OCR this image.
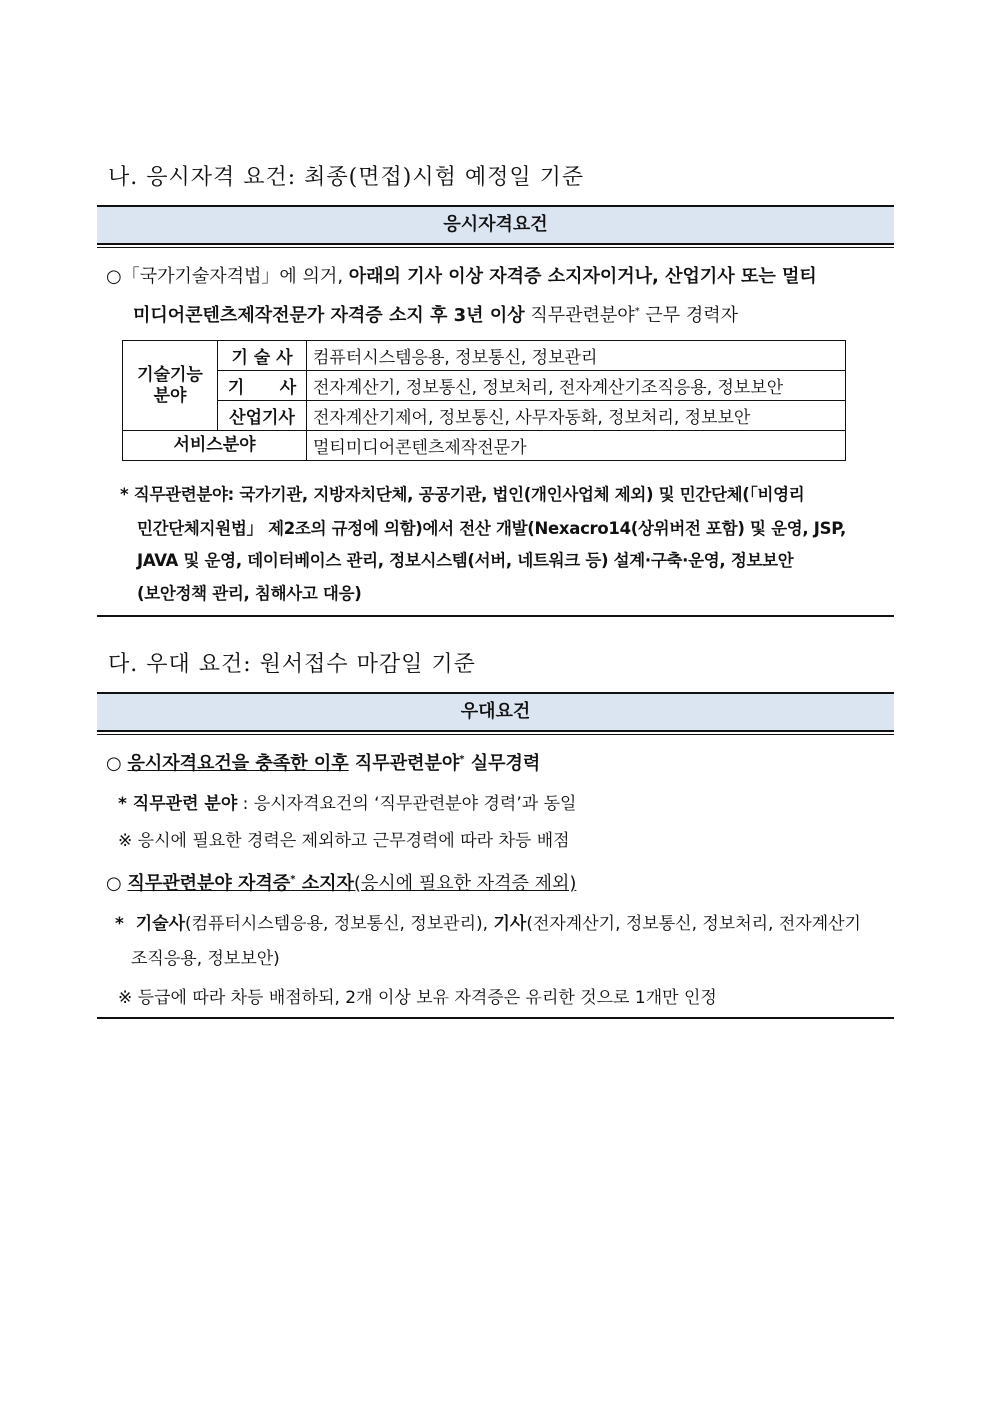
나. 응시자격 요건: 최종(면접)시험 예정일 기준
응시자격요건
○「국가기술자격법」에 의거, 아래의 기사 이상 자격증 소지자이거나, 산업기사 또는 멀티
미디어콘텐츠제작전문가 자격증 소지 후 3년 이상 직무관련분야* 근무 경력자
기술기능
분야	기 술 사	컴퓨터시스템응용, 정보통신, 정보관리
	기      사	전자계산기, 정보통신, 정보처리, 전자계산기조직응용, 정보보안
	산업기사	전자계산기제어, 정보통신, 사무자동화, 정보처리, 정보보안
서비스분야		멀티미디어콘텐츠제작전문가
* 직무관련분야: 국가기관, 지방자치단체, 공공기관, 법인(개인사업체 제외) 및 민간단체(「비영리
민간단체지원법」 제2조의 규정에 의함)에서 전산 개발(Nexacro14(상위버전 포함) 및 운영, JSP,
JAVA 및 운영, 데이터베이스 관리, 정보시스템(서버, 네트워크 등) 설계·구축·운영, 정보보안
(보안정책 관리, 침해사고 대응)
다. 우대 요건: 원서접수 마감일 기준
우대요건
○ 응시자격요건을 충족한 이후 직무관련분야* 실무경력
* 직무관련 분야 : 응시자격요건의 ‘직무관련분야 경력’과 동일
※ 응시에 필요한 경력은 제외하고 근무경력에 따라 차등 배점
○ 직무관련분야 자격증* 소지자(응시에 필요한 자격증 제외)
*  기술사(컴퓨터시스템응용, 정보통신, 정보관리), 기사(전자계산기, 정보통신, 정보처리, 전자계산기
조직응용, 정보보안)
※ 등급에 따라 차등 배점하되, 2개 이상 보유 자격증은 유리한 것으로 1개만 인정
